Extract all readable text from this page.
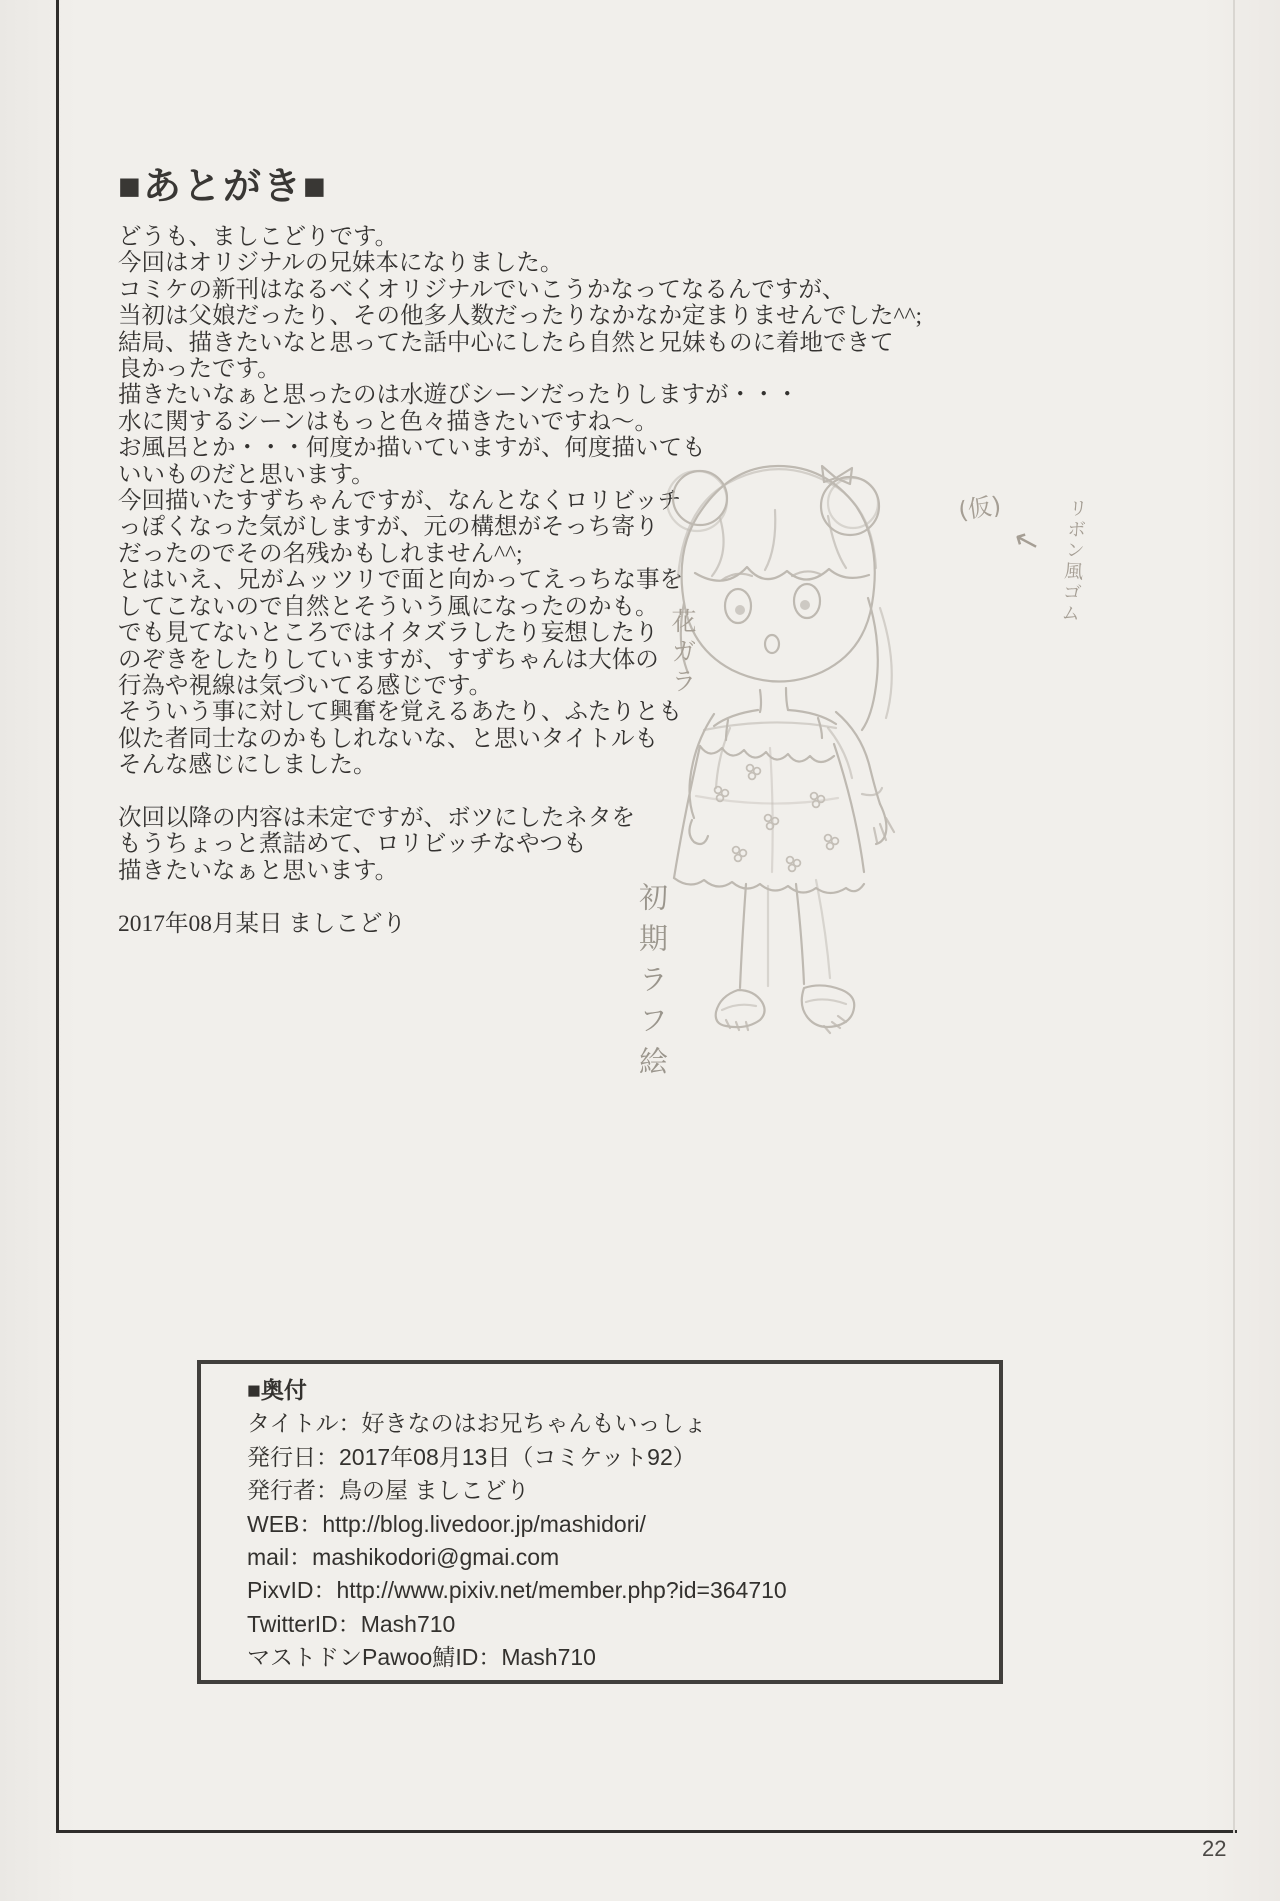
■あとがき■
どうも、ましこどりです。
今回はオリジナルの兄妹本になりました。
コミケの新刊はなるべくオリジナルでいこうかなってなるんですが、
当初は父娘だったり、その他多人数だったりなかなか定まりませんでした^^;
結局、描きたいなと思ってた話中心にしたら自然と兄妹ものに着地できて
良かったです。
描きたいなぁと思ったのは水遊びシーンだったりしますが・・・
水に関するシーンはもっと色々描きたいですね〜。
お風呂とか・・・何度か描いていますが、何度描いても
いいものだと思います。
今回描いたすずちゃんですが、なんとなくロリビッチ
っぽくなった気がしますが、元の構想がそっち寄り
だったのでその名残かもしれません^^;
とはいえ、兄がムッツリで面と向かってえっちな事を
してこないので自然とそういう風になったのかも。
でも見てないところではイタズラしたり妄想したり
のぞきをしたりしていますが、すずちゃんは大体の
行為や視線は気づいてる感じです。
そういう事に対して興奮を覚えるあたり、ふたりとも
似た者同士なのかもしれないな、と思いタイトルも
そんな感じにしました。
次回以降の内容は未定ですが、ボツにしたネタを
もうちょっと煮詰めて、ロリビッチなやつも
描きたいなぁと思います。
2017年08月某日 ましこどり
(仮)
← リボン風ゴム
花ガラ
初期ラフ絵
■奥付
タイトル：好きなのはお兄ちゃんもいっしょ
発行日：2017年08月13日（コミケット92）
発行者：鳥の屋 ましこどり
WEB：http://blog.livedoor.jp/mashidori/
mail：mashikodori@gmai.com
PixvID：http://www.pixiv.net/member.php?id=364710
TwitterID：Mash710
マストドンPawoo鯖ID：Mash710
22
